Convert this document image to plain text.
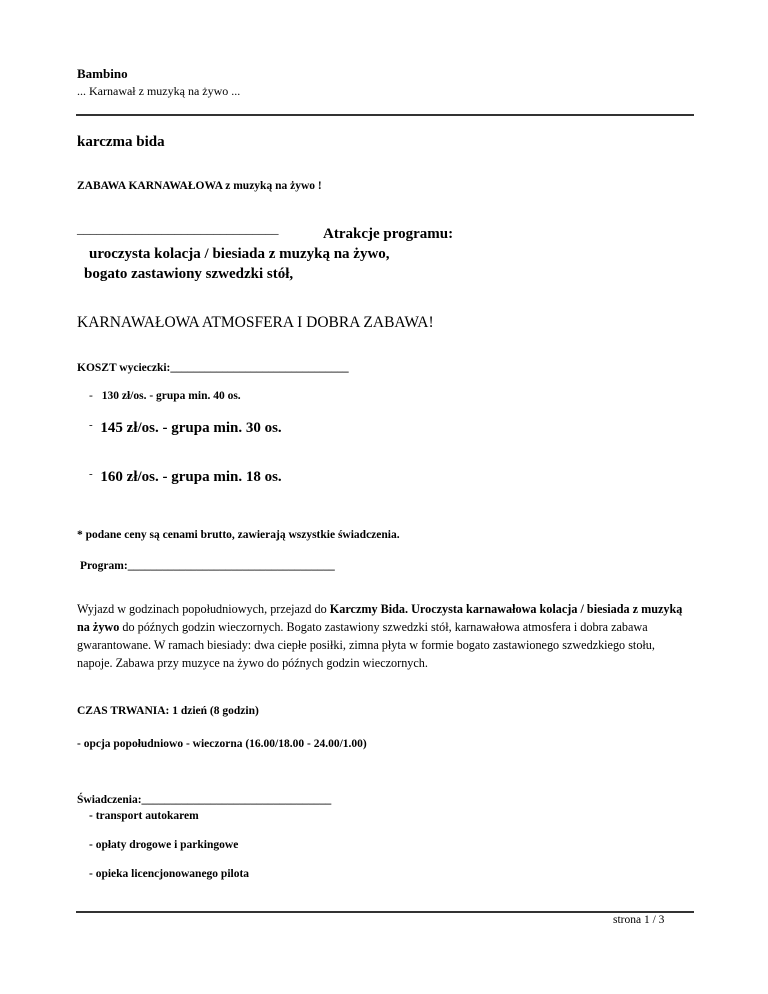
Bambino
... Karnawał z muzyką na żywo ...
karczma bida
ZABAWA KARNAWAŁOWA z muzyką na żywo !
_______________________________	Atrakcje programu:
uroczysta kolacja / biesiada z muzyką na żywo,
bogato zastawiony szwedzki stół,
KARNAWAŁOWA ATMOSFERA I DOBRA ZABAWA!
KOSZT wycieczki:_______________________________
- 130 zł/os. - grupa min. 40 os.
- 145 zł/os. - grupa min. 30 os.
- 160 zł/os. - grupa min. 18 os.
* podane ceny są cenami brutto, zawierają wszystkie świadczenia.
Program:____________________________________
Wyjazd w godzinach popołudniowych, przejazd do Karczmy Bida. Uroczysta karnawałowa kolacja / biesiada z muzyką na żywo do późnych godzin wieczornych. Bogato zastawiony szwedzki stół, karnawałowa atmosfera i dobra zabawa gwarantowane. W ramach biesiady: dwa ciepłe posiłki, zimna płyta w formie bogato zastawionego szwedzkiego stołu, napoje. Zabawa przy muzyce na żywo do późnych godzin wieczornych.
CZAS TRWANIA: 1 dzień (8 godzin)
- opcja popołudniowo - wieczorna (16.00/18.00 - 24.00/1.00)
Świadczenia:_________________________________
- transport autokarem
- opłaty drogowe i parkingowe
- opieka licencjonowanego pilota
strona 1 / 3
